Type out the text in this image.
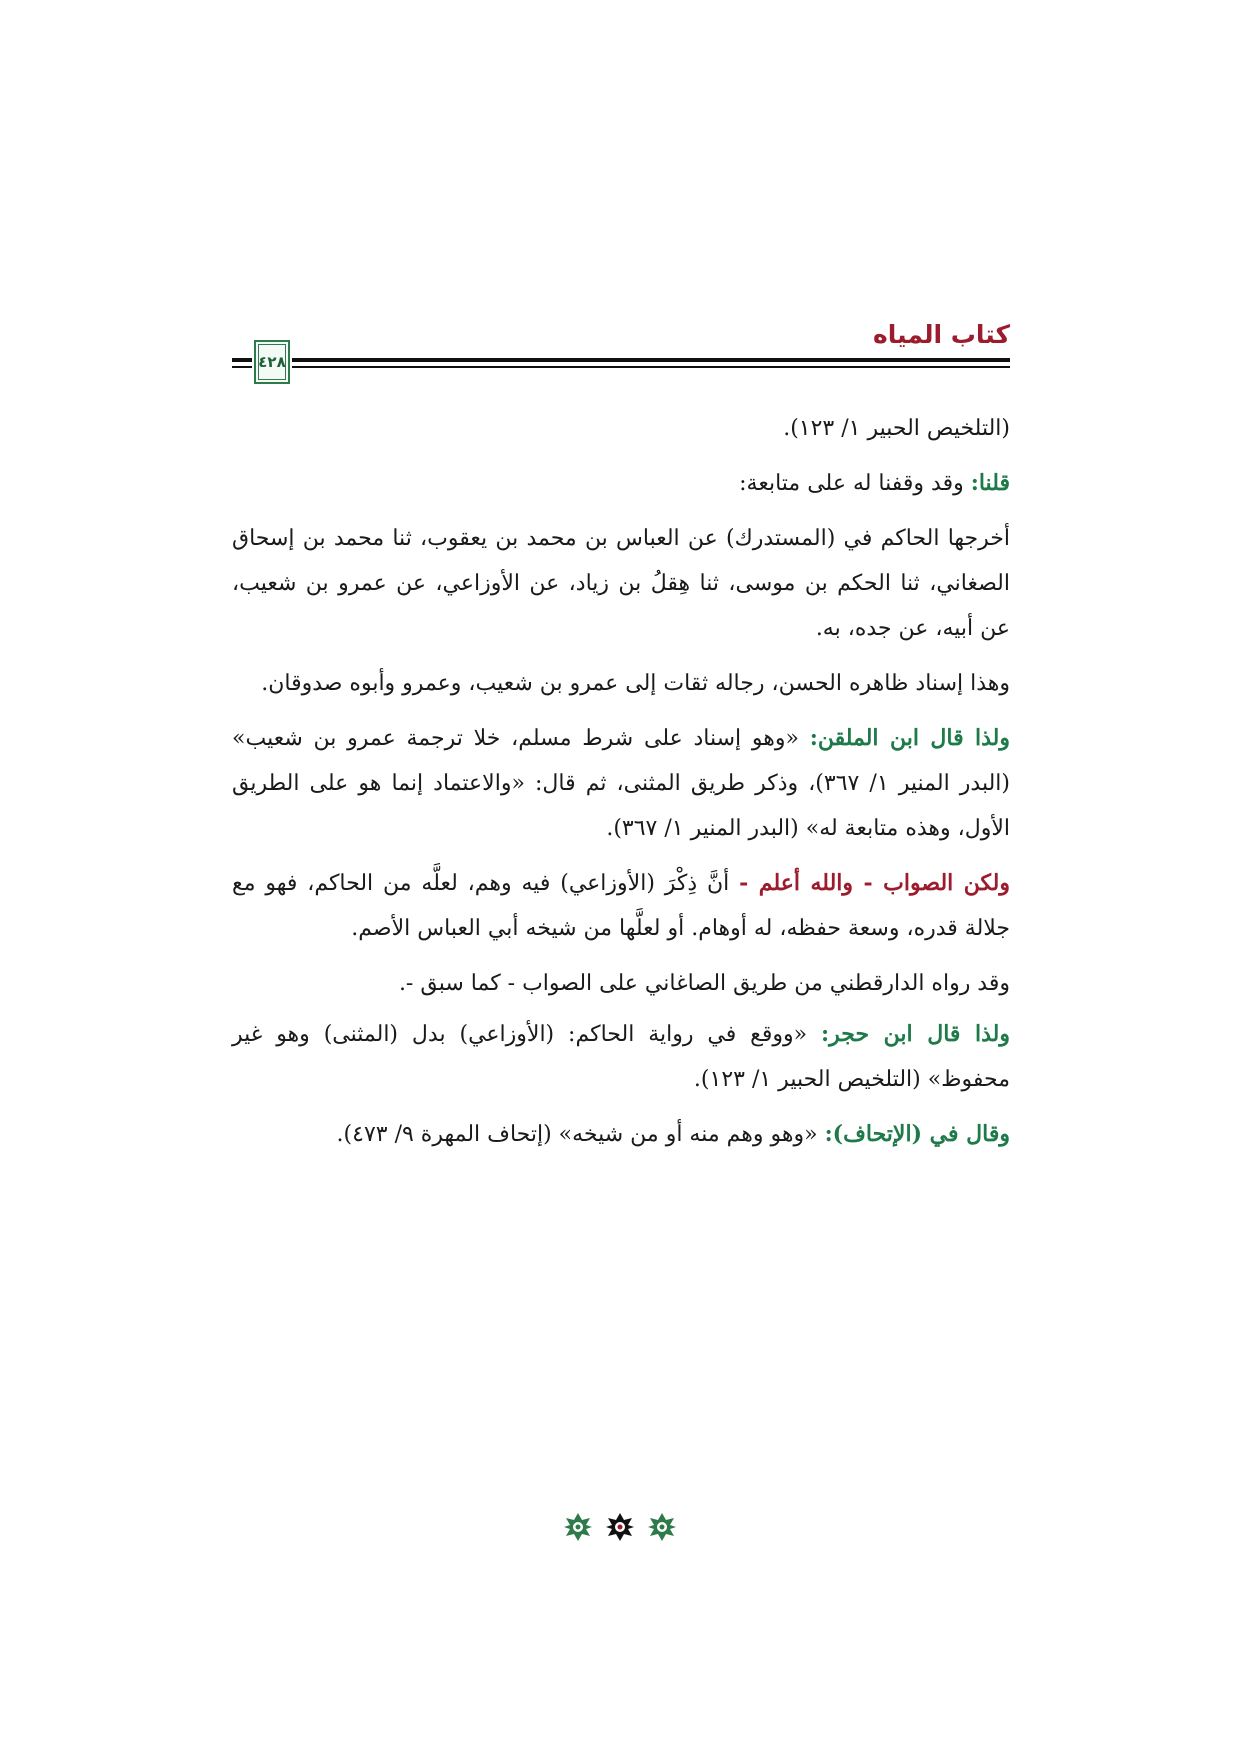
كتاب المياه
٤٢٨

(التلخيص الحبير ١/ ١٢٣).

قلنا: وقد وقفنا له على متابعة:

أخرجها الحاكم في (المستدرك) عن العباس بن محمد بن يعقوب، ثنا محمد بن إسحاق الصغاني، ثنا الحكم بن موسى، ثنا هِقلُ بن زياد، عن الأوزاعي، عن عمرو بن شعيب، عن أبيه، عن جده، به.

وهذا إسناد ظاهره الحسن، رجاله ثقات إلى عمرو بن شعيب، وعمرو وأبوه صدوقان.

ولذا قال ابن الملقن: «وهو إسناد على شرط مسلم، خلا ترجمة عمرو بن شعيب» (البدر المنير ١/ ٣٦٧)، وذكر طريق المثنى، ثم قال: «والاعتماد إنما هو على الطريق الأول، وهذه متابعة له» (البدر المنير ١/ ٣٦٧).

ولكن الصواب - والله أعلم - أنَّ ذِكْرَ (الأوزاعي) فيه وهم، لعلَّه من الحاكم، فهو مع جلالة قدره، وسعة حفظه، له أوهام. أو لعلَّها من شيخه أبي العباس الأصم.

وقد رواه الدارقطني من طريق الصاغاني على الصواب - كما سبق -.

ولذا قال ابن حجر: «ووقع في رواية الحاكم: (الأوزاعي) بدل (المثنى) وهو غير محفوظ» (التلخيص الحبير ١/ ١٢٣).

وقال في (الإتحاف): «وهو وهم منه أو من شيخه» (إتحاف المهرة ٩/ ٤٧٣).
